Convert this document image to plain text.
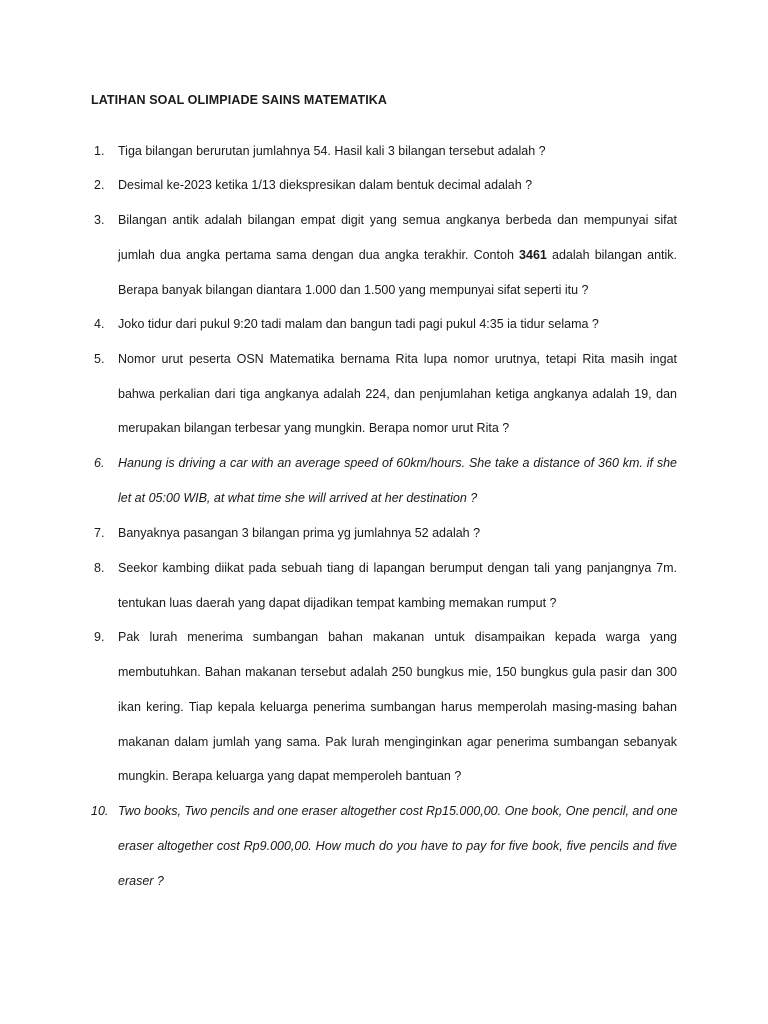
LATIHAN SOAL OLIMPIADE SAINS MATEMATIKA
1.	Tiga bilangan berurutan jumlahnya 54. Hasil kali 3 bilangan tersebut adalah ?
2.	Desimal ke-2023 ketika 1/13 diekspresikan dalam bentuk decimal adalah ?
3.	Bilangan antik adalah bilangan empat digit yang semua angkanya berbeda dan mempunyai sifat
jumlah dua angka pertama sama dengan dua angka terakhir. Contoh 3461 adalah bilangan antik.
Berapa banyak bilangan diantara 1.000 dan 1.500 yang mempunyai sifat seperti itu ?
4.	Joko tidur dari pukul 9:20 tadi malam dan bangun tadi pagi pukul 4:35 ia tidur selama ?
5.	Nomor urut peserta OSN Matematika bernama Rita lupa nomor urutnya, tetapi Rita masih ingat
bahwa perkalian dari tiga angkanya adalah 224, dan penjumlahan ketiga angkanya adalah 19, dan
merupakan bilangan terbesar yang mungkin. Berapa nomor urut Rita ?
6.	Hanung is driving a car with an average speed of 60km/hours. She take a distance of 360 km. if she
let at 05:00 WIB, at what time she will arrived at her destination ?
7.	Banyaknya pasangan 3 bilangan prima yg jumlahnya 52 adalah ?
8.	Seekor kambing diikat pada sebuah tiang di lapangan berumput dengan tali yang panjangnya 7m.
tentukan luas daerah yang dapat dijadikan tempat kambing memakan rumput ?
9.	Pak lurah menerima sumbangan bahan makanan untuk disampaikan kepada warga yang
membutuhkan. Bahan makanan tersebut adalah 250 bungkus mie, 150 bungkus gula pasir dan 300
ikan kering. Tiap kepala keluarga penerima sumbangan harus memperolah masing-masing bahan
makanan dalam jumlah yang sama. Pak lurah menginginkan agar penerima sumbangan sebanyak
mungkin. Berapa keluarga yang dapat memperoleh bantuan ?
10. Two books, Two pencils and one eraser altogether cost Rp15.000,00. One book, One pencil, and one
eraser altogether cost Rp9.000,00. How much do you have to pay for five book, five pencils and five
eraser ?
